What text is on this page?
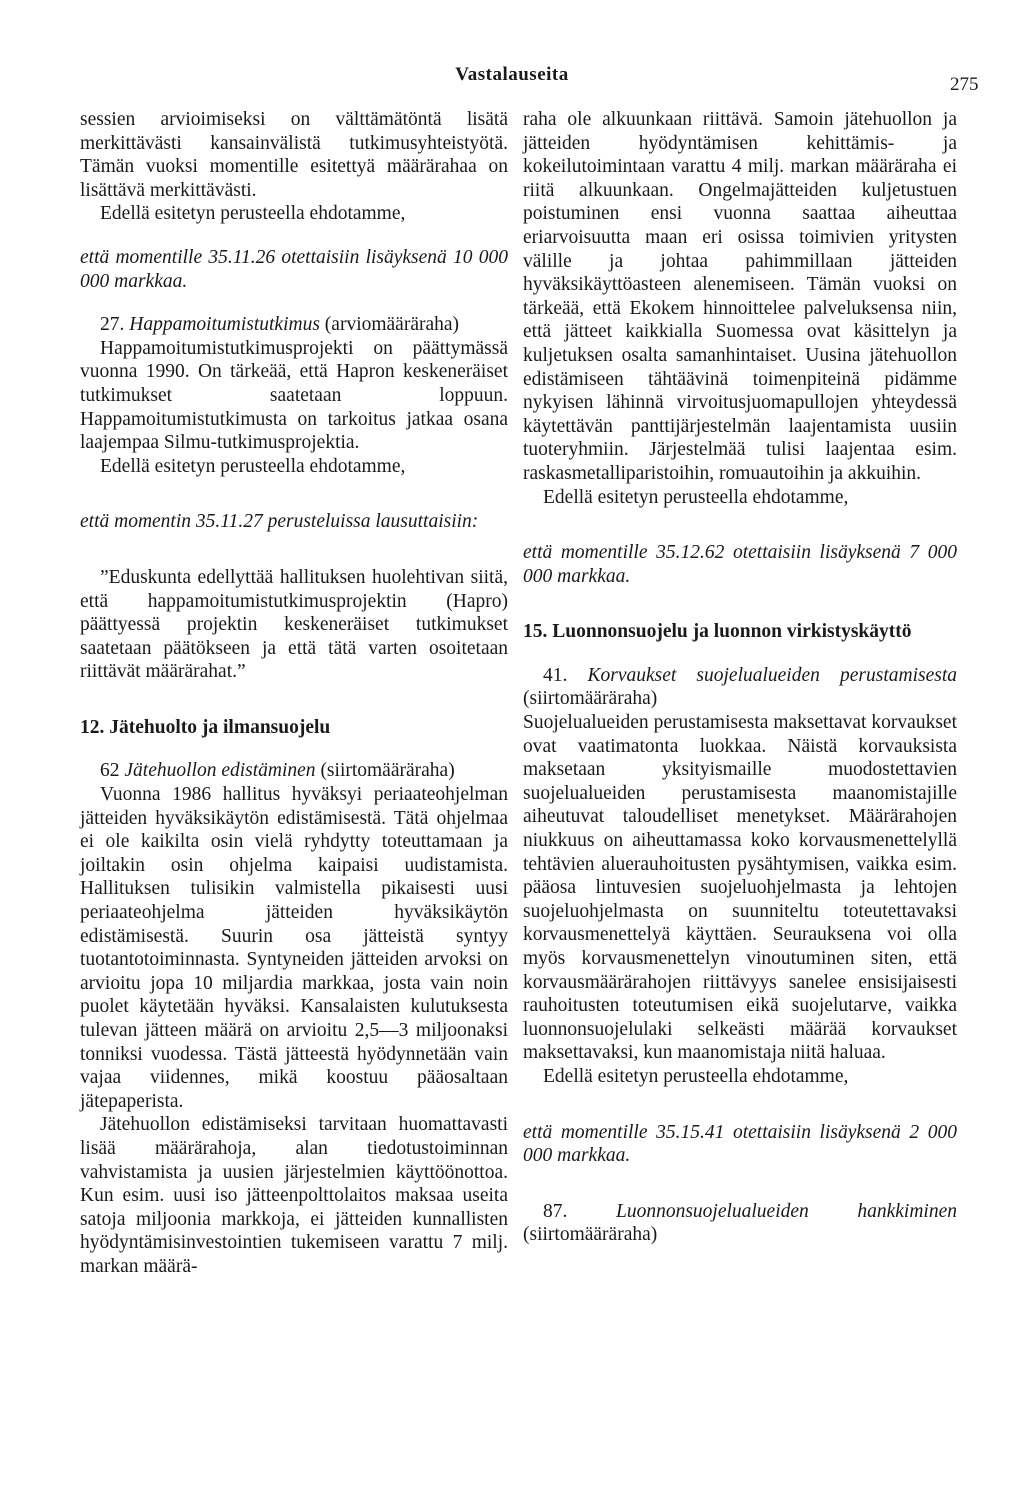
Vastalauseita	275

sessien arvioimiseksi on välttämätöntä lisätä merkittävästi kansainvälistä tutkimusyhteistyötä. Tämän vuoksi momentille esitettyä määrärahaa on lisättävä merkittävästi.

Edellä esitetyn perusteella ehdotamme,

että momentille 35.11.26 otettaisiin lisäyksenä 10 000 000 markkaa.

27. Happamoitumistutkimus (arviomääräraha)

Happamoitumistutkimusprojekti on päättymässä vuonna 1990. On tärkeää, että Hapron keskeneräiset tutkimukset saatetaan loppuun. Happamoitumistutkimusta on tarkoitus jatkaa osana laajempaa Silmu-tutkimusprojektia.

Edellä esitetyn perusteella ehdotamme,

että momentin 35.11.27 perusteluissa lausuttaisiin:

”Eduskunta edellyttää hallituksen huolehtivan siitä, että happamoitumistutkimusprojektin (Hapro) päättyessä projektin keskeneräiset tutkimukset saatetaan päätökseen ja että tätä varten osoitetaan riittävät määrärahat.”

12. Jätehuolto ja ilmansuojelu

62 Jätehuollon edistäminen (siirtomääräraha)

Vuonna 1986 hallitus hyväksyi periaateohjelman jätteiden hyväksikäytön edistämisestä. Tätä ohjelmaa ei ole kaikilta osin vielä ryhdytty toteuttamaan ja joiltakin osin ohjelma kaipaisi uudistamista. Hallituksen tulisikin valmistella pikaisesti uusi periaateohjelma jätteiden hyväksikäytön edistämisestä. Suurin osa jätteistä syntyy tuotantotoiminnasta. Syntyneiden jätteiden arvoksi on arvioitu jopa 10 miljardia markkaa, josta vain noin puolet käytetään hyväksi. Kansalaisten kulutuksesta tulevan jätteen määrä on arvioitu 2,5—3 miljoonaksi tonniksi vuodessa. Tästä jätteestä hyödynnetään vain vajaa viidennes, mikä koostuu pääosaltaan jätepaperista.

Jätehuollon edistämiseksi tarvitaan huomattavasti lisää määrärahoja, alan tiedotustoiminnan vahvistamista ja uusien järjestelmien käyttöönottoa. Kun esim. uusi iso jätteenpolttolaitos maksaa useita satoja miljoonia markkoja, ei jätteiden kunnallisten hyödyntämisinvestointien tukemiseen varattu 7 milj. markan määrä-

raha ole alkuunkaan riittävä. Samoin jätehuollon ja jätteiden hyödyntämisen kehittämis- ja kokeilutoimintaan varattu 4 milj. markan määräraha ei riitä alkuunkaan. Ongelmajätteiden kuljetustuen poistuminen ensi vuonna saattaa aiheuttaa eriarvoisuutta maan eri osissa toimivien yritysten välille ja johtaa pahimmillaan jätteiden hyväksikäyttöasteen alenemiseen. Tämän vuoksi on tärkeää, että Ekokem hinnoittelee palveluksensa niin, että jätteet kaikkialla Suomessa ovat käsittelyn ja kuljetuksen osalta samanhintaiset. Uusina jätehuollon edistämiseen tähtäävinä toimenpiteinä pidämme nykyisen lähinnä virvoitusjuomapullojen yhteydessä käytettävän panttijärjestelmän laajentamista uusiin tuoteryhmiin. Järjestelmää tulisi laajentaa esim. raskasmetalliparistoihin, romuautoihin ja akkuihin.

Edellä esitetyn perusteella ehdotamme,

että momentille 35.12.62 otettaisiin lisäyksenä 7 000 000 markkaa.

15. Luonnonsuojelu ja luonnon virkistyskäyttö

41. Korvaukset suojelualueiden perustamisesta (siirtomääräraha)

Suojelualueiden perustamisesta maksettavat korvaukset ovat vaatimatonta luokkaa. Näistä korvauksista maksetaan yksityismaille muodostettavien suojelualueiden perustamisesta maanomistajille aiheutuvat taloudelliset menetykset. Määrärahojen niukkuus on aiheuttamassa koko korvausmenettelyllä tehtävien aluerauhoitusten pysähtymisen, vaikka esim. pääosa lintuvesien suojeluohjelmasta ja lehtojen suojeluohjelmasta on suunniteltu toteutettavaksi korvausmenettelyä käyttäen. Seurauksena voi olla myös korvausmenettelyn vinoutuminen siten, että korvausmäärärahojen riittävyys sanelee ensisijaisesti rauhoitusten toteutumisen eikä suojelutarve, vaikka luonnonsuojelulaki selkeästi määrää korvaukset maksettavaksi, kun maanomistaja niitä haluaa.

Edellä esitetyn perusteella ehdotamme,

että momentille 35.15.41 otettaisiin lisäyksenä 2 000 000 markkaa.

87. Luonnonsuojelualueiden hankkiminen (siirtomääräraha)
